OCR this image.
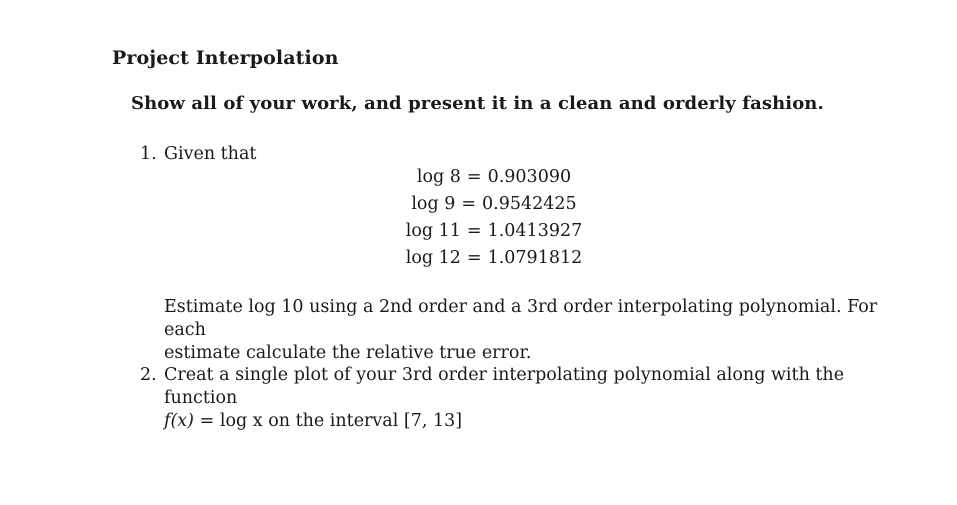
Project Interpolation
Show all of your work, and present it in a clean and orderly fashion.
1. Given that
log 8 = 0.903090
log 9 = 0.9542425
log 11 = 1.0413927
log 12 = 1.0791812
Estimate log 10 using a 2nd order and a 3rd order interpolating polynomial. For each
estimate calculate the relative true error.
2. Creat a single plot of your 3rd order interpolating polynomial along with the function
f(x) = log x on the interval [7, 13]
